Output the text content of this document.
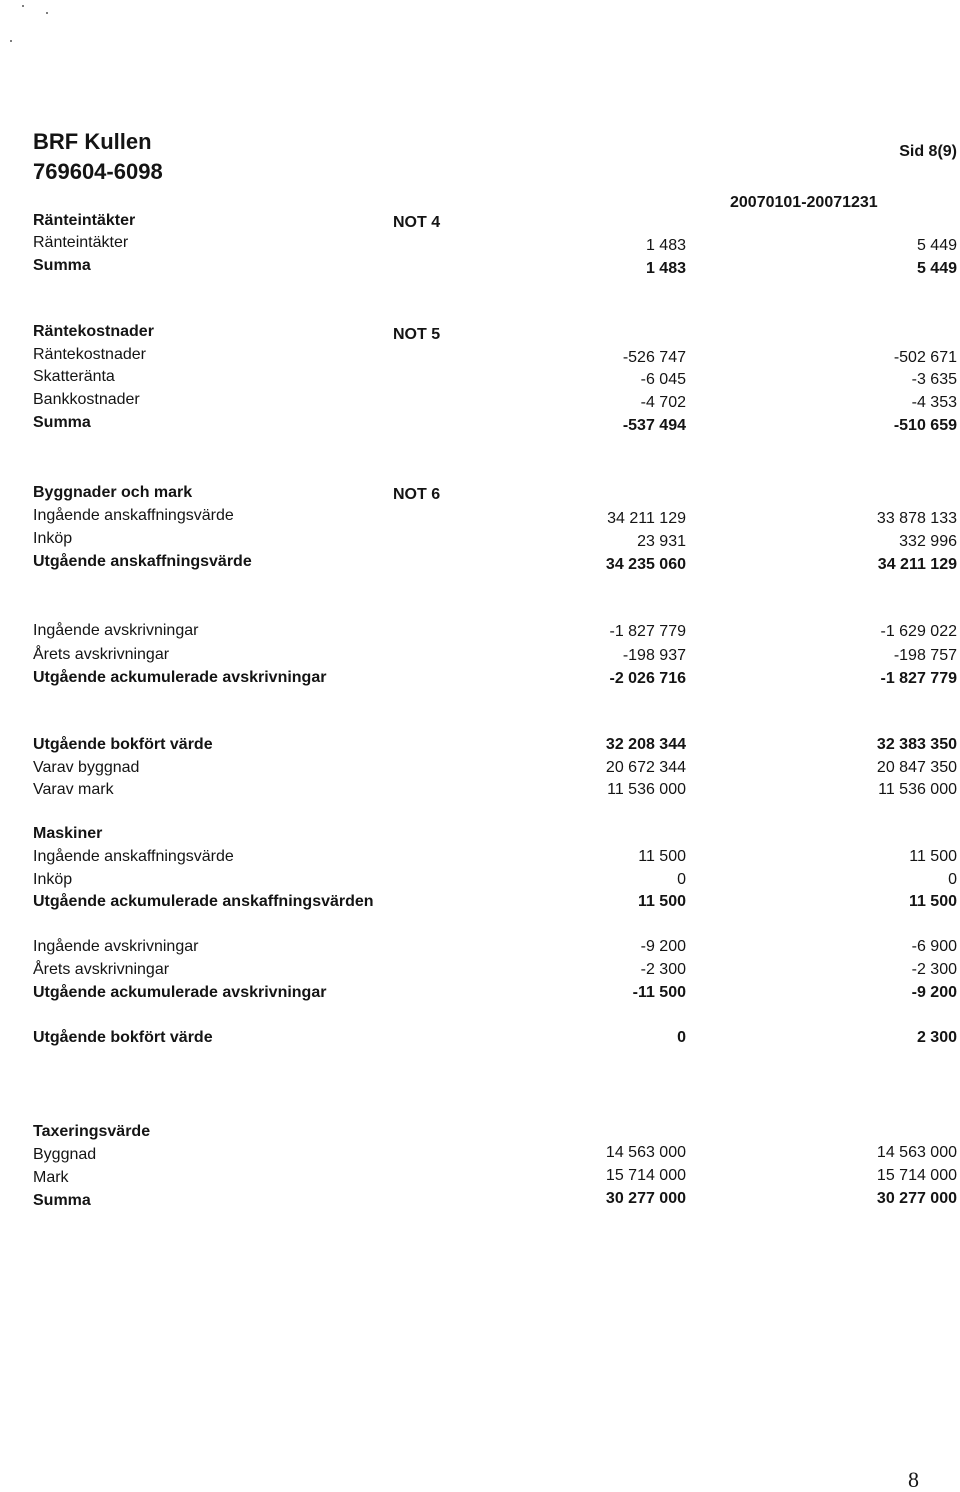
BRF Kullen
769604-6098
Sid 8(9)
20070101-20071231
Ränteintäkter	NOT 4
Ränteintäkter	1 483	5 449
Summa	1 483	5 449
Räntekostnader	NOT 5
Räntekostnader	-526 747	-502 671
Skatteränta	-6 045	-3 635
Bankkostnader	-4 702	-4 353
Summa	-537 494	-510 659
Byggnader och mark	NOT 6
Ingående anskaffningsvärde	34 211 129	33 878 133
Inköp	23 931	332 996
Utgående anskaffningsvärde	34 235 060	34 211 129
Ingående avskrivningar	-1 827 779	-1 629 022
Årets avskrivningar	-198 937	-198 757
Utgående ackumulerade avskrivningar	-2 026 716	-1 827 779
Utgående bokfört värde	32 208 344	32 383 350
Varav byggnad	20 672 344	20 847 350
Varav mark	11 536 000	11 536 000
Maskiner
Ingående anskaffningsvärde	11 500	11 500
Inköp	0	0
Utgående ackumulerade anskaffningsvärden	11 500	11 500
Ingående avskrivningar	-9 200	-6 900
Årets avskrivningar	-2 300	-2 300
Utgående ackumulerade avskrivningar	-11 500	-9 200
Utgående bokfört värde	0	2 300
Taxeringsvärde
Byggnad	14 563 000	14 563 000
Mark	15 714 000	15 714 000
Summa	30 277 000	30 277 000
8
